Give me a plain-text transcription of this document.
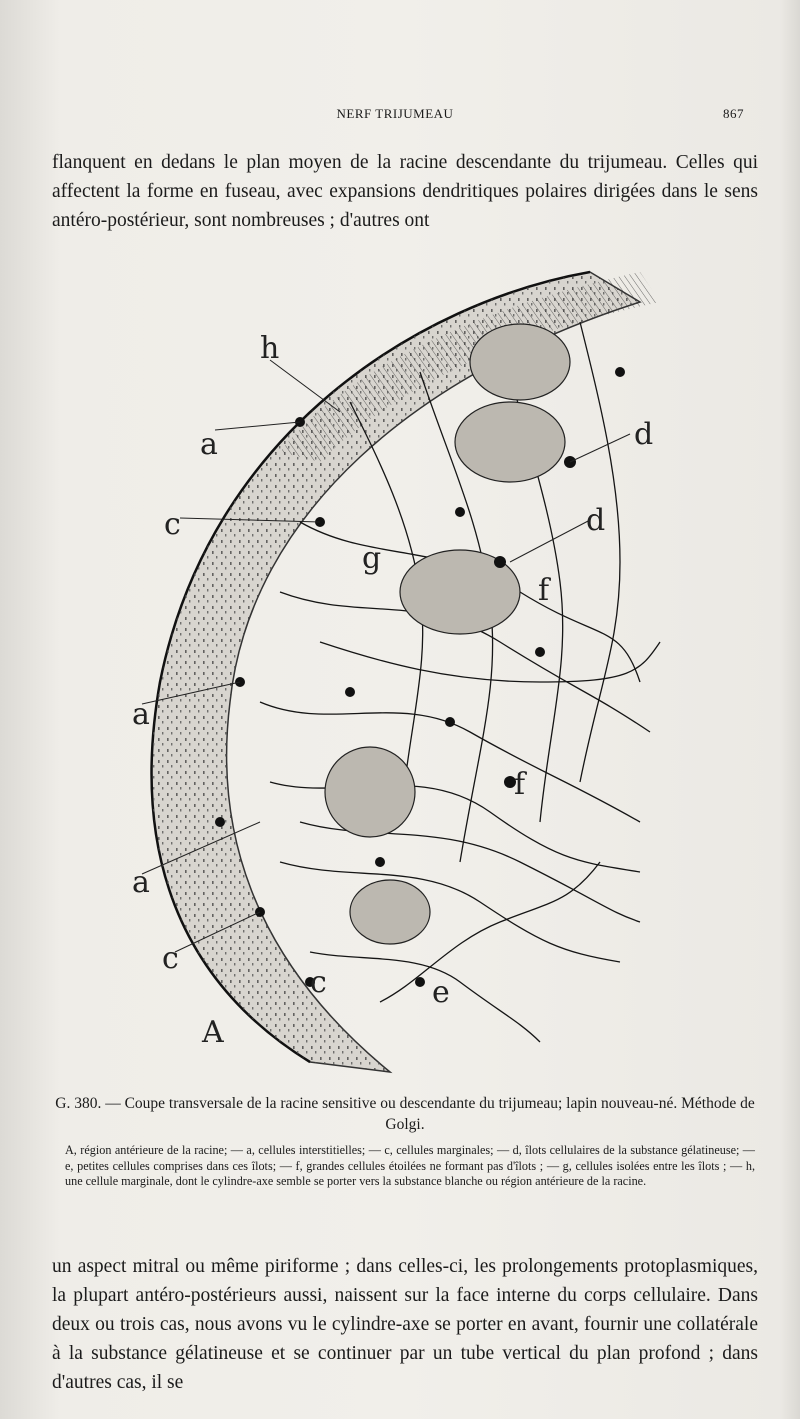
NERF TRIJUMEAU	867

flanquent en dedans le plan moyen de la racine descendante du trijumeau. Celles qui affectent la forme en fuseau, avec expansions dendritiques polaires dirigées dans le sens antéro-postérieur, sont nombreuses ; d'autres ont

h
a
c
g
d
d
f
a
f
a
c
c	e
A
G. 380. — Coupe transversale de la racine sensitive ou descendante du trijumeau; lapin nouveau-né. Méthode de Golgi.

A, région antérieure de la racine; — a, cellules interstitielles; — c, cellules marginales; — d, îlots cellulaires de la substance gélatineuse; — e, petites cellules comprises dans ces îlots; — f, grandes cellules étoilées ne formant pas d'îlots ; — g, cellules isolées entre les îlots ; — h, une cellule marginale, dont le cylindre-axe semble se porter vers la substance blanche ou région antérieure de la racine.

un aspect mitral ou même piriforme ; dans celles-ci, les prolongements protoplasmiques, la plupart antéro-postérieurs aussi, naissent sur la face interne du corps cellulaire. Dans deux ou trois cas, nous avons vu le cylindre-axe se porter en avant, fournir une collatérale à la substance gélatineuse et se continuer par un tube vertical du plan profond ; dans d'autres cas, il se
